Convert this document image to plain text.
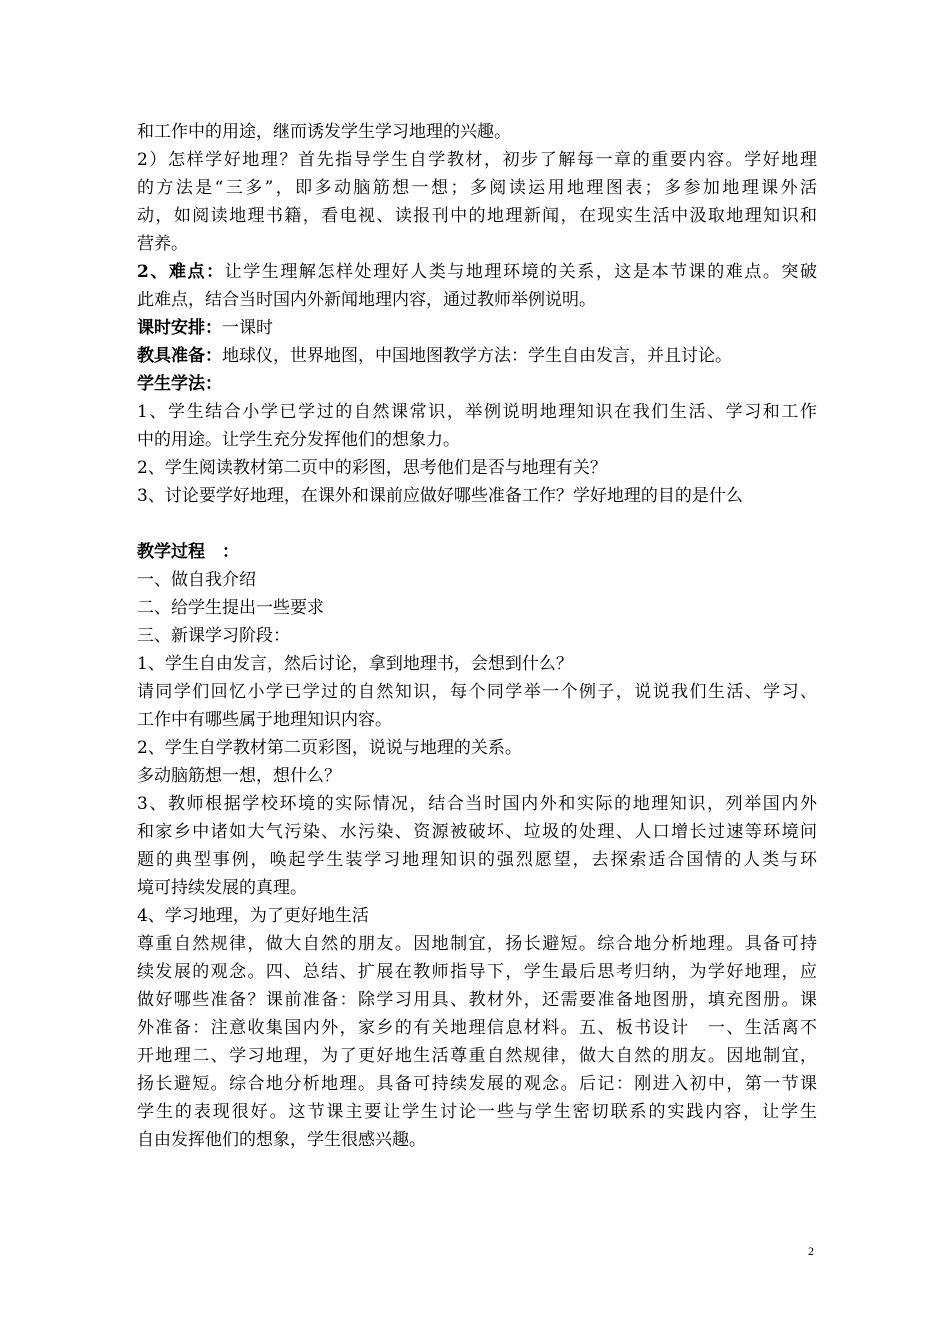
和工作中的用途，继而诱发学生学习地理的兴趣。
2）怎样学好地理？首先指导学生自学教材，初步了解每一章的重要内容。学好地理
的方法是“三多”，即多动脑筋想一想；多阅读运用地理图表；多参加地理课外活
动，如阅读地理书籍，看电视、读报刊中的地理新闻，在现实生活中汲取地理知识和
营养。
2、难点：让学生理解怎样处理好人类与地理环境的关系，这是本节课的难点。突破
此难点，结合当时国内外新闻地理内容，通过教师举例说明。
课时安排：一课时
教具准备：地球仪，世界地图，中国地图教学方法：学生自由发言，并且讨论。
学生学法：
1、学生结合小学已学过的自然课常识，举例说明地理知识在我们生活、学习和工作
中的用途。让学生充分发挥他们的想象力。
2、学生阅读教材第二页中的彩图，思考他们是否与地理有关？
3、讨论要学好地理，在课外和课前应做好哪些准备工作？学好地理的目的是什么
教学过程　：
一、做自我介绍
二、给学生提出一些要求
三、新课学习阶段：
1、学生自由发言，然后讨论，拿到地理书，会想到什么？
请同学们回忆小学已学过的自然知识，每个同学举一个例子，说说我们生活、学习、
工作中有哪些属于地理知识内容。
2、学生自学教材第二页彩图，说说与地理的关系。
多动脑筋想一想，想什么？
3、教师根据学校环境的实际情况，结合当时国内外和实际的地理知识，列举国内外
和家乡中诸如大气污染、水污染、资源被破坏、垃圾的处理、人口增长过速等环境问
题的典型事例，唤起学生装学习地理知识的强烈愿望，去探索适合国情的人类与环
境可持续发展的真理。
4、学习地理，为了更好地生活
尊重自然规律，做大自然的朋友。因地制宜，扬长避短。综合地分析地理。具备可持
续发展的观念。四、总结、扩展在教师指导下，学生最后思考归纳，为学好地理，应
做好哪些准备？课前准备：除学习用具、教材外，还需要准备地图册，填充图册。课
外准备：注意收集国内外，家乡的有关地理信息材料。五、板书设计　一、生活离不
开地理二、学习地理，为了更好地生活尊重自然规律，做大自然的朋友。因地制宜，
扬长避短。综合地分析地理。具备可持续发展的观念。后记：刚进入初中，第一节课
学生的表现很好。这节课主要让学生讨论一些与学生密切联系的实践内容，让学生
自由发挥他们的想象，学生很感兴趣。
2
